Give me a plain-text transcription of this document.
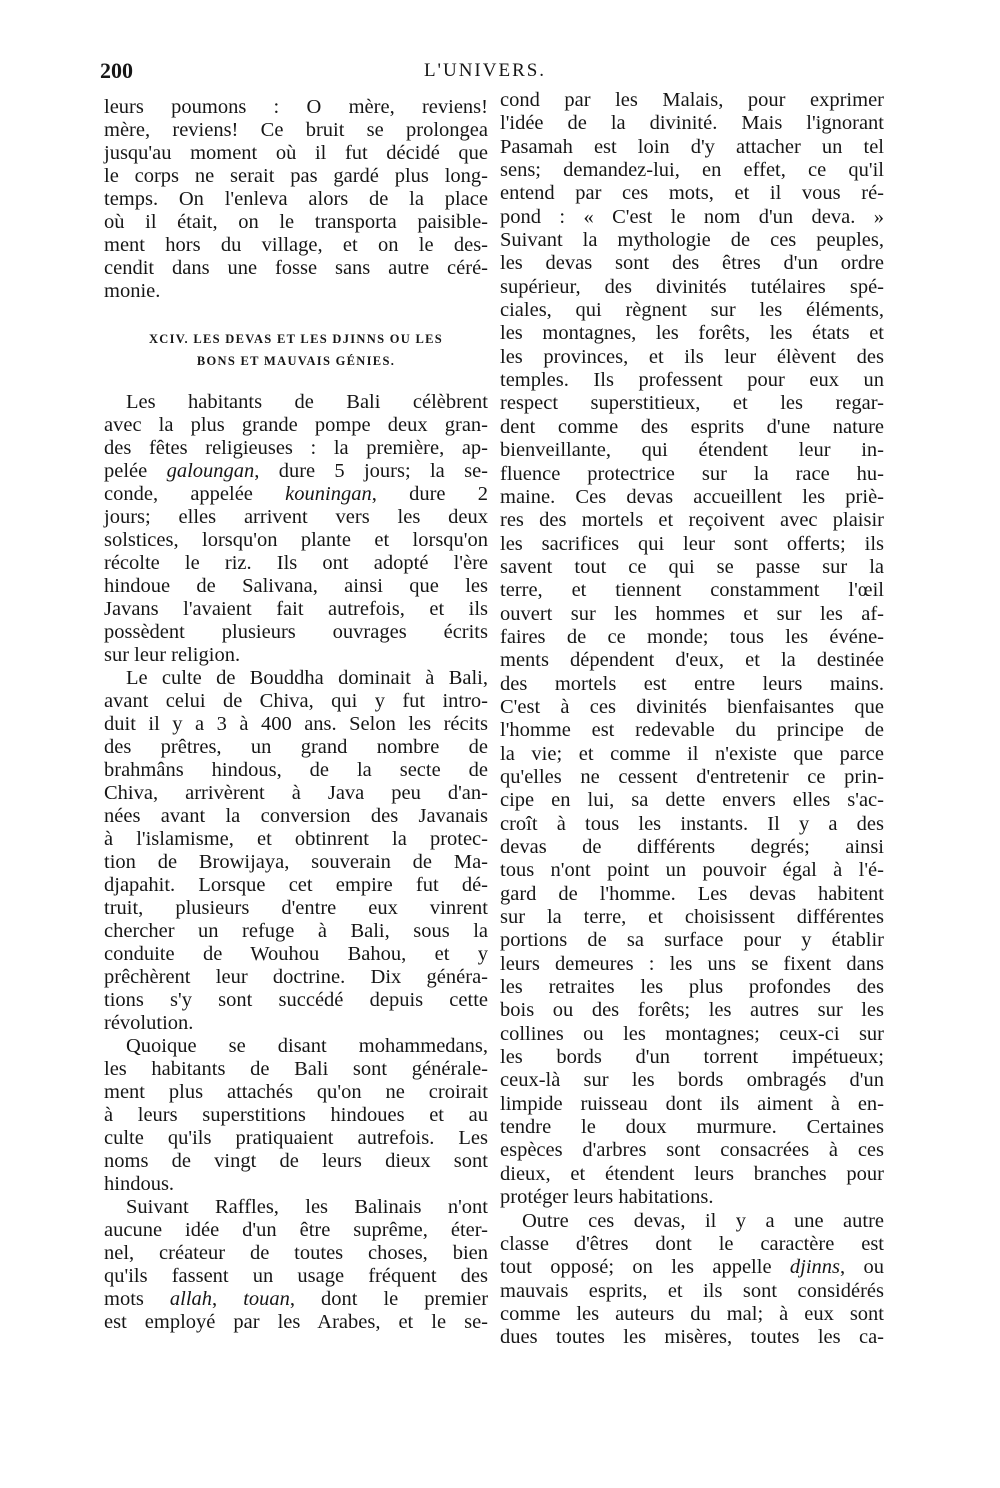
200	L'UNIVERS.
leurs poumons : O mère, reviens!
mère, reviens! Ce bruit se prolongea
jusqu'au moment où il fut décidé que
le corps ne serait pas gardé plus long-
temps. On l'enleva alors de la place
où il était, on le transporta paisible-
ment hors du village, et on le des-
cendit dans une fosse sans autre céré-
monie.
XCIV. LES DEVAS ET LES DJINNS OU LES
BONS ET MAUVAIS GÉNIES.
Les habitants de Bali célèbrent
avec la plus grande pompe deux gran-
des fêtes religieuses : la première, ap-
pelée galoungan, dure 5 jours; la se-
conde, appelée kouningan, dure 2
jours; elles arrivent vers les deux
solstices, lorsqu'on plante et lorsqu'on
récolte le riz. Ils ont adopté l'ère
hindoue de Salivana, ainsi que les
Javans l'avaient fait autrefois, et ils
possèdent plusieurs ouvrages écrits
sur leur religion.
Le culte de Bouddha dominait à Bali,
avant celui de Chiva, qui y fut intro-
duit il y a 3 à 400 ans. Selon les récits
des prêtres, un grand nombre de
brahmâns hindous, de la secte de
Chiva, arrivèrent à Java peu d'an-
nées avant la conversion des Javanais
à l'islamisme, et obtinrent la protec-
tion de Browijaya, souverain de Ma-
djapahit. Lorsque cet empire fut dé-
truit, plusieurs d'entre eux vinrent
chercher un refuge à Bali, sous la
conduite de Wouhou Bahou, et y
prêchèrent leur doctrine. Dix généra-
tions s'y sont succédé depuis cette
révolution.
Quoique se disant mohammedans,
les habitants de Bali sont générale-
ment plus attachés qu'on ne croirait
à leurs superstitions hindoues et au
culte qu'ils pratiquaient autrefois. Les
noms de vingt de leurs dieux sont
hindous.
Suivant Raffles, les Balinais n'ont
aucune idée d'un être suprême, éter-
nel, créateur de toutes choses, bien
qu'ils fassent un usage fréquent des
mots allah, touan, dont le premier
est employé par les Arabes, et le se-
cond par les Malais, pour exprimer
l'idée de la divinité. Mais l'ignorant
Pasamah est loin d'y attacher un tel
sens; demandez-lui, en effet, ce qu'il
entend par ces mots, et il vous ré-
pond : « C'est le nom d'un deva. »
Suivant la mythologie de ces peuples,
les devas sont des êtres d'un ordre
supérieur, des divinités tutélaires spé-
ciales, qui règnent sur les éléments,
les montagnes, les forêts, les états et
les provinces, et ils leur élèvent des
temples. Ils professent pour eux un
respect superstitieux, et les regar-
dent comme des esprits d'une nature
bienveillante, qui étendent leur in-
fluence protectrice sur la race hu-
maine. Ces devas accueillent les priè-
res des mortels et reçoivent avec plaisir
les sacrifices qui leur sont offerts; ils
savent tout ce qui se passe sur la
terre, et tiennent constamment l'œil
ouvert sur les hommes et sur les af-
faires de ce monde; tous les événe-
ments dépendent d'eux, et la destinée
des mortels est entre leurs mains.
C'est à ces divinités bienfaisantes que
l'homme est redevable du principe de
la vie; et comme il n'existe que parce
qu'elles ne cessent d'entretenir ce prin-
cipe en lui, sa dette envers elles s'ac-
croît à tous les instants. Il y a des
devas de différents degrés; ainsi
tous n'ont point un pouvoir égal à l'é-
gard de l'homme. Les devas habitent
sur la terre, et choisissent différentes
portions de sa surface pour y établir
leurs demeures : les uns se fixent dans
les retraites les plus profondes des
bois ou des forêts; les autres sur les
collines ou les montagnes; ceux-ci sur
les bords d'un torrent impétueux;
ceux-là sur les bords ombragés d'un
limpide ruisseau dont ils aiment à en-
tendre le doux murmure. Certaines
espèces d'arbres sont consacrées à ces
dieux, et étendent leurs branches pour
protéger leurs habitations.
Outre ces devas, il y a une autre
classe d'êtres dont le caractère est
tout opposé; on les appelle djinns, ou
mauvais esprits, et ils sont considérés
comme les auteurs du mal; à eux sont
dues toutes les misères, toutes les ca-
